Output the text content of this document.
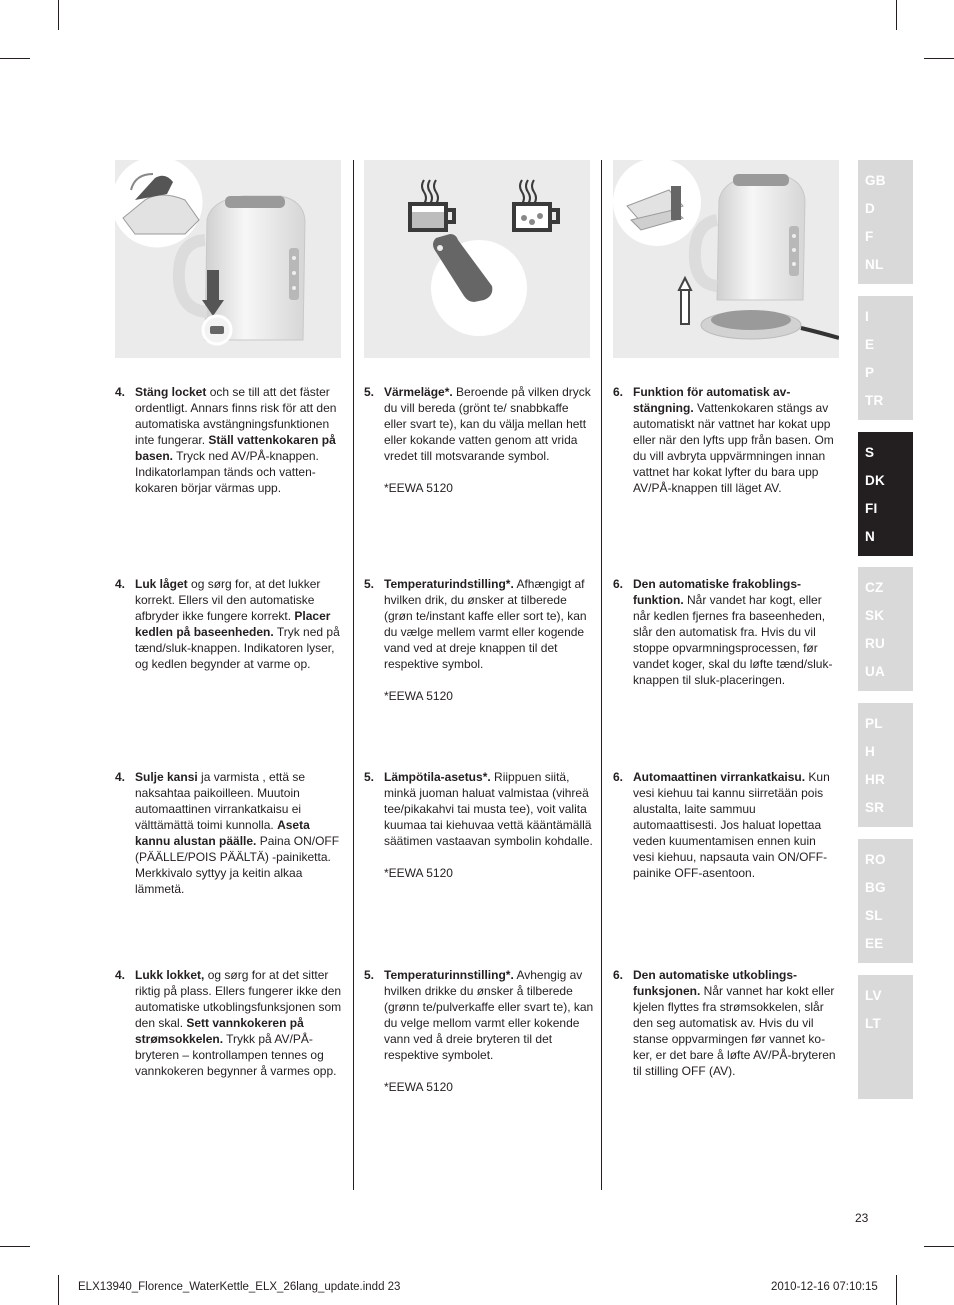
4. Stäng locket och se till att det fäster ordentligt. Annars finns risk för att den automatiska avstängningsfunktionen inte fungerar. Ställ vattenkokaren på basen. Tryck ned AV/PÅ-knappen. Indikatorlampan tänds och vatten-kokaren börjar värmas upp.
4. Luk låget og sørg for, at det lukker korrekt. Ellers vil den automatiske afbryder ikke fungere korrekt. Placer kedlen på baseenheden. Tryk ned på tænd/sluk-knappen. Indikatoren lyser, og kedlen begynder at varme op.
4. Sulje kansi ja varmista , että se naksahtaa paikoilleen. Muutoin automaattinen virrankatkaisu ei välttämättä toimi kunnolla. Aseta kannu alustan päälle. Paina ON/OFF (PÄÄLLE/POIS PÄÄLTÄ) -painiketta. Merkkivalo syttyy ja keitin alkaa lämmetä.
4. Lukk lokket, og sørg for at det sitter riktig på plass. Ellers fungerer ikke den automatiske utkoblingsfunksjonen som den skal. Sett vannkokeren på strømsokkelen. Trykk på AV/PÅ-bryteren – kontrollampen tennes og vannkokeren begynner å varmes opp.
5. Värmeläge*. Beroende på vilken dryck du vill bereda (grönt te/ snabbkaffe eller svart te), kan du välja mellan hett eller kokande vatten genom att vrida vredet till motsvarande symbol.
*EEWA 5120
5. Temperaturindstilling*. Afhængigt af hvilken drik, du ønsker at tilberede (grøn te/instant kaffe eller sort te), kan du vælge mellem varmt eller kogende vand ved at dreje knappen til det respektive symbol.
*EEWA 5120
5. Lämpötila-asetus*. Riippuen siitä, minkä juoman haluat valmistaa (vihreä tee/pikakahvi tai musta tee), voit valita kuumaa tai kiehuvaa vettä kääntämällä säätimen vastaavan symbolin kohdalle.
*EEWA 5120
5. Temperaturinnstilling*. Avhengig av hvilken drikke du ønsker å tilberede (grønn te/pulverkaffe eller svart te), kan du velge mellom varmt eller kokende vann ved å dreie bryteren til det respektive symbolet.
*EEWA 5120
6. Funktion för automatisk av-stängning. Vattenkokaren stängs av automatiskt när vattnet har kokat upp eller när den lyfts upp från basen. Om du vill avbryta uppvärmningen innan vattnet har kokat lyfter du bara upp AV/PÅ-knappen till läget AV.
6. Den automatiske frakoblings-funktion. Når vandet har kogt, eller når kedlen fjernes fra baseenheden, slår den automatisk fra. Hvis du vil stoppe opvarmningsprocessen, før vandet koger, skal du løfte tænd/sluk-knappen til sluk-placeringen.
6. Automaattinen virrankatkaisu. Kun vesi kiehuu tai kannu siirretään pois alustalta, laite sammuu automaattisesti. Jos haluat lopettaa veden kuumentamisen ennen kuin vesi kiehuu, napsauta vain ON/OFF-painike OFF-asentoon.
6. Den automatiske utkoblings-funksjonen. Når vannet har kokt eller kjelen flyttes fra strømsokkelen, slår den seg automatisk av. Hvis du vil stanse oppvarmingen før vannet ko-ker, er det bare å løfte AV/PÅ-bryteren til stilling OFF (AV).
GB
D
F
NL
I
E
P
TR
S
DK
FI
N
CZ
SK
RU
UA
PL
H
HR
SR
RO
BG
SL
EE
LV
LT
23
ELX13940_Florence_WaterKettle_ELX_26lang_update.indd 23	2010-12-16 07:10:15
